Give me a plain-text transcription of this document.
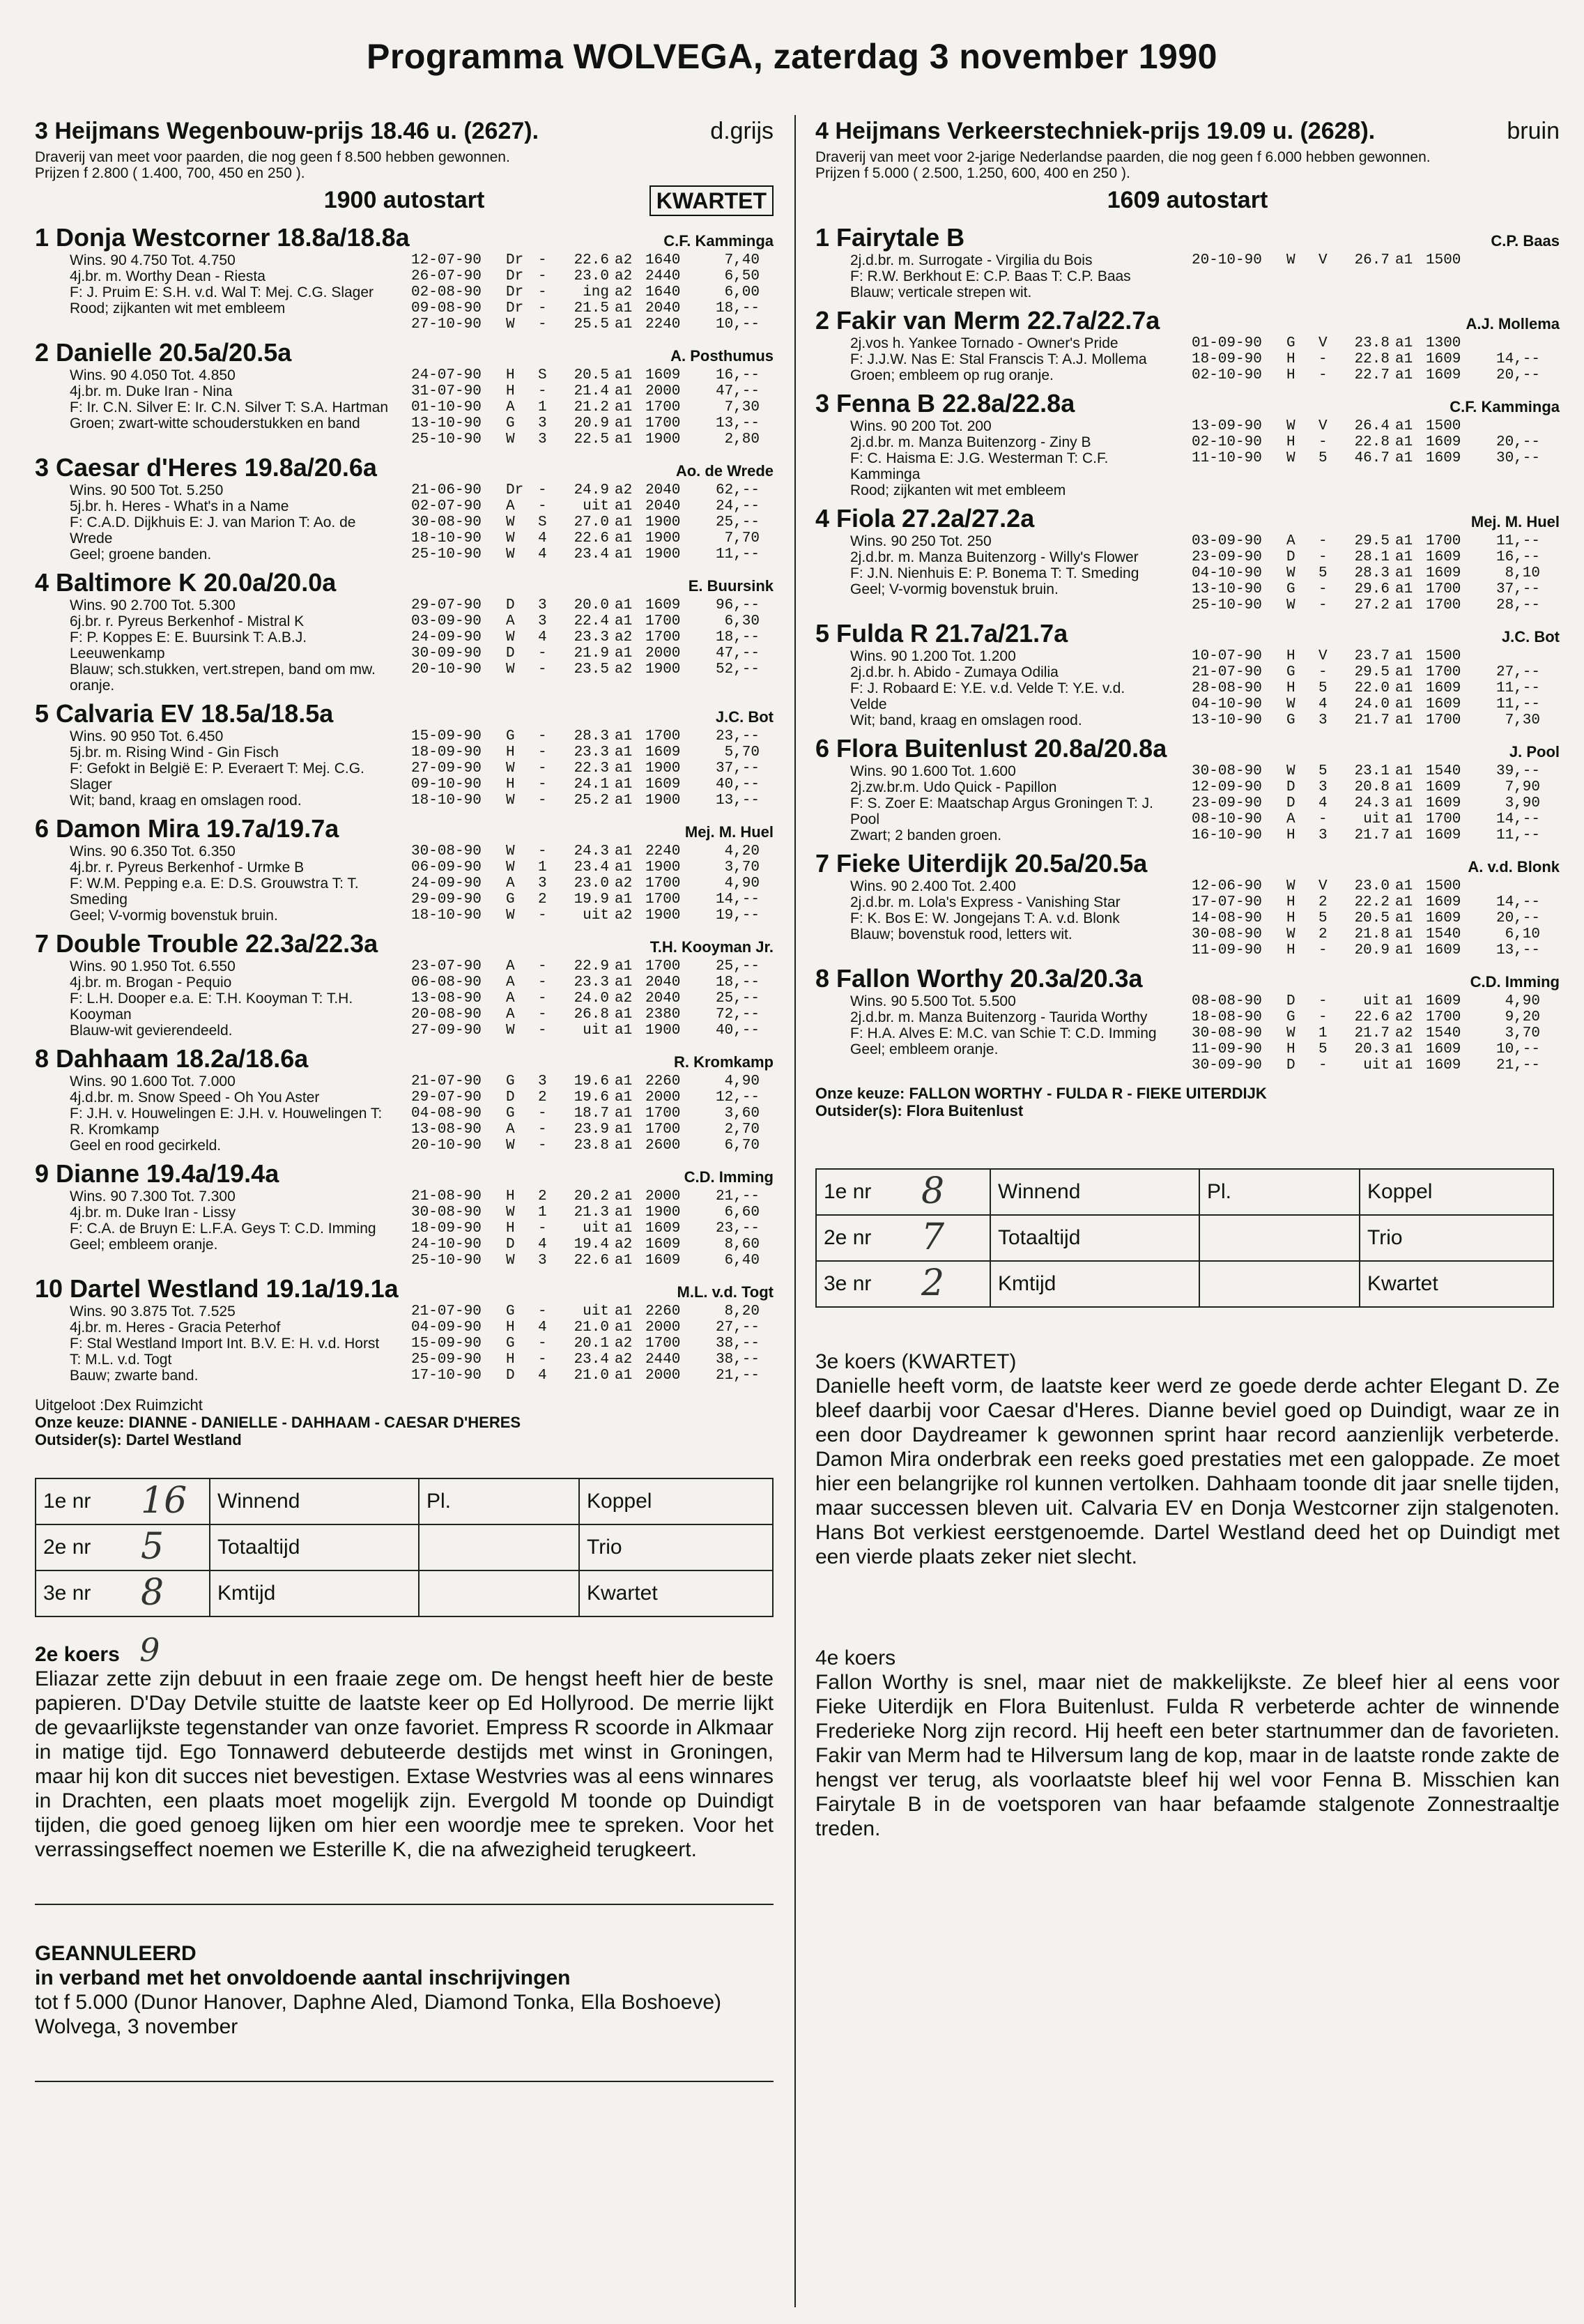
Programma WOLVEGA, zaterdag 3 november 1990
3 Heijmans Wegenbouw-prijs 18.46 u. (2627).	d.grijs
Draverij van meet voor paarden, die nog geen f 8.500 hebben gewonnen.
Prijzen f 2.800 ( 1.400, 700, 450 en 250 ).
1900 autostart	KWARTET
1 Donja Westcorner 18.8a/18.8a	C.F. Kamminga
Wins. 90 4.750 Tot. 4.750
4j.br. m. Worthy Dean - Riesta
F: J. Pruim E: S.H. v.d. Wal T: Mej. C.G. Slager
Rood; zijkanten wit met embleem
12-07-90	Dr -	22.6 a2 1640	7,40
26-07-90	Dr -	23.0 a2 2440	6,50
02-08-90	Dr -	ing a2 1640	6,00
09-08-90	Dr -	21.5 a1 2040	18,--
27-10-90	W	-	25.5 a1 2240	10,--
2 Danielle 20.5a/20.5a	A. Posthumus
Wins. 90 4.050 Tot. 4.850
4j.br. m. Duke Iran - Nina
F: Ir. C.N. Silver E: Ir. C.N. Silver T: S.A. Hartman
Groen; zwart-witte schouderstukken en band
24-07-90	H	S	20.5 a1 1609	16,--
31-07-90	H	-	21.4 a1 2000	47,--
01-10-90	A	1	21.2 a1 1700	7,30
13-10-90	G	3	20.9 a1 1700	13,--
25-10-90	W	3	22.5 a1 1900	2,80
3 Caesar d'Heres 19.8a/20.6a	Ao. de Wrede
Wins. 90 500 Tot. 5.250
5j.br. h. Heres - What's in a Name
F: C.A.D. Dijkhuis E: J. van Marion T: Ao. de
Wrede
Geel; groene banden.
21-06-90	Dr -	24.9 a2 2040	62,--
02-07-90	A	-	uit a1 2040	24,--
30-08-90	W	S	27.0 a1 1900	25,--
18-10-90	W	4	22.6 a1 1900	7,70
25-10-90	W	4	23.4 a1 1900	11,--
4 Baltimore K 20.0a/20.0a	E. Buursink
Wins. 90 2.700 Tot. 5.300
6j.br. r. Pyreus Berkenhof - Mistral K
F: P. Koppes E: E. Buursink T: A.B.J.
Leeuwenkamp
Blauw; sch.stukken, vert.strepen, band om mw.
oranje.
29-07-90	D	3	20.0 a1 1609	96,--
03-09-90	A	3	22.4 a1 1700	6,30
24-09-90	W	4	23.3 a2 1700	18,--
30-09-90	D	-	21.9 a1 2000	47,--
20-10-90	W	-	23.5 a2 1900	52,--
5 Calvaria EV 18.5a/18.5a	J.C. Bot
Wins. 90 950 Tot. 6.450
5j.br. m. Rising Wind - Gin Fisch
F: Gefokt in België E: P. Everaert T: Mej. C.G.
Slager
Wit; band, kraag en omslagen rood.
15-09-90	G	-	28.3 a1 1700	23,--
18-09-90	H	-	23.3 a1 1609	5,70
27-09-90	W	-	22.3 a1 1900	37,--
09-10-90	H	-	24.1 a1 1609	40,--
18-10-90	W	-	25.2 a1 1900	13,--
6 Damon Mira 19.7a/19.7a	Mej. M. Huel
Wins. 90 6.350 Tot. 6.350
4j.br. r. Pyreus Berkenhof - Urmke B
F: W.M. Pepping e.a. E: D.S. Grouwstra T: T.
Smeding
Geel; V-vormig bovenstuk bruin.
30-08-90	W	-	24.3 a1 2240	4,20
06-09-90	W	1	23.4 a1 1900	3,70
24-09-90	A	3	23.0 a2 1700	4,90
29-09-90	G	2	19.9 a1 1700	14,--
18-10-90	W	-	uit a2 1900	19,--
7 Double Trouble 22.3a/22.3a	T.H. Kooyman Jr.
Wins. 90 1.950 Tot. 6.550
4j.br. m. Brogan - Pequio
F: L.H. Dooper e.a. E: T.H. Kooyman T: T.H.
Kooyman
Blauw-wit gevierendeeld.
23-07-90	A	-	22.9 a1 1700	25,--
06-08-90	A	-	23.3 a1 2040	18,--
13-08-90	A	-	24.0 a2 2040	25,--
20-08-90	A	-	26.8 a1 2380	72,--
27-09-90	W	-	uit a1 1900	40,--
8 Dahhaam 18.2a/18.6a	R. Kromkamp
Wins. 90 1.600 Tot. 7.000
4j.d.br. m. Snow Speed - Oh You Aster
F: J.H. v. Houwelingen E: J.H. v. Houwelingen T:
R. Kromkamp
Geel en rood gecirkeld.
21-07-90	G	3	19.6 a1 2260	4,90
29-07-90	D	2	19.6 a1 2000	12,--
04-08-90	G	-	18.7 a1 1700	3,60
13-08-90	A	-	23.9 a1 1700	2,70
20-10-90	W	-	23.8 a1 2600	6,70
9 Dianne 19.4a/19.4a	C.D. Imming
Wins. 90 7.300 Tot. 7.300
4j.br. m. Duke Iran - Lissy
F: C.A. de Bruyn E: L.F.A. Geys T: C.D. Imming
Geel; embleem oranje.
21-08-90	H	2	20.2 a1 2000	21,--
30-08-90	W	1	21.3 a1 1900	6,60
18-09-90	H	-	uit a1 1609	23,--
24-10-90	D	4	19.4 a2 1609	8,60
25-10-90	W	3	22.6 a1 1609	6,40
10 Dartel Westland 19.1a/19.1a	M.L. v.d. Togt
Wins. 90 3.875 Tot. 7.525
4j.br. m. Heres - Gracia Peterhof
F: Stal Westland Import Int. B.V. E: H. v.d. Horst
T: M.L. v.d. Togt
Bauw; zwarte band.
21-07-90	G	-	uit a1 2260	8,20
04-09-90	H	4	21.0 a1 2000	27,--
15-09-90	G	-	20.1 a2 1700	38,--
25-09-90	H	-	23.4 a2 2440	38,--
17-10-90	D	4	21.0 a1 2000	21,--
Uitgeloot :Dex Ruimzicht
Onze keuze: DIANNE - DANIELLE - DAHHAAM - CAESAR D'HERES
Outsider(s): Dartel Westland
1e nr 16	Winnend	Pl.	Koppel
2e nr 5	Totaaltijd		Trio
3e nr 8	Kmtijd		Kwartet
2e koers 9
Eliazar zette zijn debuut in een fraaie zege om. De hengst heeft hier de beste papieren. D'Day Detvile stuitte de laatste keer op Ed Hollyrood. De merrie lijkt de gevaarlijkste tegenstander van onze favoriet. Empress R scoorde in Alkmaar in matige tijd. Ego Tonnawerd debuteerde destijds met winst in Groningen, maar hij kon dit succes niet bevestigen. Extase Westvries was al eens winnares in Drachten, een plaats moet mogelijk zijn. Evergold M toonde op Duindigt tijden, die goed genoeg lijken om hier een woordje mee te spreken. Voor het verrassingseffect noemen we Esterille K, die na afwezigheid terugkeert.
GEANNULEERD
in verband met het onvoldoende aantal inschrijvingen
tot f 5.000 (Dunor Hanover, Daphne Aled, Diamond Tonka, Ella Boshoeve)
Wolvega, 3 november
4 Heijmans Verkeerstechniek-prijs 19.09 u. (2628).	bruin
Draverij van meet voor 2-jarige Nederlandse paarden, die nog geen f 6.000 hebben gewonnen.
Prijzen f 5.000 ( 2.500, 1.250, 600, 400 en 250 ).
1609 autostart
1 Fairytale B	C.P. Baas
2j.d.br. m. Surrogate - Virgilia du Bois
F: R.W. Berkhout E: C.P. Baas T: C.P. Baas
Blauw; verticale strepen wit.
20-10-90	W	V	26.7 a1 1500
2 Fakir van Merm 22.7a/22.7a	A.J. Mollema
2j.vos h. Yankee Tornado - Owner's Pride
F: J.J.W. Nas E: Stal Franscis T: A.J. Mollema
Groen; embleem op rug oranje.
01-09-90	G	V	23.8 a1 1300
18-09-90	H	-	22.8 a1 1609	14,--
02-10-90	H	-	22.7 a1 1609	20,--
3 Fenna B 22.8a/22.8a	C.F. Kamminga
Wins. 90 200 Tot. 200
2j.d.br. m. Manza Buitenzorg - Ziny B
F: C. Haisma E: J.G. Westerman T: C.F.
Kamminga
Rood; zijkanten wit met embleem
13-09-90	W	V	26.4 a1 1500
02-10-90	H	-	22.8 a1 1609	20,--
11-10-90	W	5	46.7 a1 1609	30,--
4 Fiola 27.2a/27.2a	Mej. M. Huel
Wins. 90 250 Tot. 250
2j.d.br. m. Manza Buitenzorg - Willy's Flower
F: J.N. Nienhuis E: P. Bonema T: T. Smeding
Geel; V-vormig bovenstuk bruin.
03-09-90	A	-	29.5 a1 1700	11,--
23-09-90	D	-	28.1 a1 1609	16,--
04-10-90	W	5	28.3 a1 1609	8,10
13-10-90	G	-	29.6 a1 1700	37,--
25-10-90	W	-	27.2 a1 1700	28,--
5 Fulda R 21.7a/21.7a	J.C. Bot
Wins. 90 1.200 Tot. 1.200
2j.d.br. h. Abido - Zumaya Odilia
F: J. Robaard E: Y.E. v.d. Velde T: Y.E. v.d.
Velde
Wit; band, kraag en omslagen rood.
10-07-90	H	V	23.7 a1 1500
21-07-90	G	-	29.5 a1 1700	27,--
28-08-90	H	5	22.0 a1 1609	11,--
04-10-90	W	4	24.0 a1 1609	11,--
13-10-90	G	3	21.7 a1 1700	7,30
6 Flora Buitenlust 20.8a/20.8a	J. Pool
Wins. 90 1.600 Tot. 1.600
2j.zw.br.m. Udo Quick - Papillon
F: S. Zoer E: Maatschap Argus Groningen T: J.
Pool
Zwart; 2 banden groen.
30-08-90	W	5	23.1 a1 1540	39,--
12-09-90	D	3	20.8 a1 1609	7,90
23-09-90	D	4	24.3 a1 1609	3,90
08-10-90	A	-	uit a1 1700	14,--
16-10-90	H	3	21.7 a1 1609	11,--
7 Fieke Uiterdijk 20.5a/20.5a	A. v.d. Blonk
Wins. 90 2.400 Tot. 2.400
2j.d.br. m. Lola's Express - Vanishing Star
F: K. Bos E: W. Jongejans T: A. v.d. Blonk
Blauw; bovenstuk rood, letters wit.
12-06-90	W	V	23.0 a1 1500
17-07-90	H	2	22.2 a1 1609	14,--
14-08-90	H	5	20.5 a1 1609	20,--
30-08-90	W	2	21.8 a1 1540	6,10
11-09-90	H	-	20.9 a1 1609	13,--
8 Fallon Worthy 20.3a/20.3a	C.D. Imming
Wins. 90 5.500 Tot. 5.500
2j.d.br. m. Manza Buitenzorg - Taurida Worthy
F: H.A. Alves E: M.C. van Schie T: C.D. Imming
Geel; embleem oranje.
08-08-90	D	-	uit a1 1609	4,90
18-08-90	G	-	22.6 a2 1700	9,20
30-08-90	W	1	21.7 a2 1540	3,70
11-09-90	H	5	20.3 a1 1609	10,--
30-09-90	D	-	uit a1 1609	21,--
Onze keuze: FALLON WORTHY - FULDA R - FIEKE UITERDIJK
Outsider(s): Flora Buitenlust
1e nr 8	Winnend	Pl.	Koppel
2e nr 7	Totaaltijd		Trio
3e nr 2	Kmtijd		Kwartet
3e koers (KWARTET)
Danielle heeft vorm, de laatste keer werd ze goede derde achter Elegant D. Ze bleef daarbij voor Caesar d'Heres. Dianne beviel goed op Duindigt, waar ze in een door Daydreamer k gewonnen sprint haar record aanzienlijk verbeterde. Damon Mira onderbrak een reeks goed prestaties met een galoppade. Ze moet hier een belangrijke rol kunnen vertolken. Dahhaam toonde dit jaar snelle tijden, maar successen bleven uit. Calvaria EV en Donja Westcorner zijn stalgenoten. Hans Bot verkiest eerstgenoemde. Dartel Westland deed het op Duindigt met een vierde plaats zeker niet slecht.
4e koers
Fallon Worthy is snel, maar niet de makkelijkste. Ze bleef hier al eens voor Fieke Uiterdijk en Flora Buitenlust. Fulda R verbeterde achter de winnende Frederieke Norg zijn record. Hij heeft een beter startnummer dan de favorieten. Fakir van Merm had te Hilversum lang de kop, maar in de laatste ronde zakte de hengst ver terug, als voorlaatste bleef hij wel voor Fenna B. Misschien kan Fairytale B in de voetsporen van haar befaamde stalgenote Zonnestraaltje treden.
